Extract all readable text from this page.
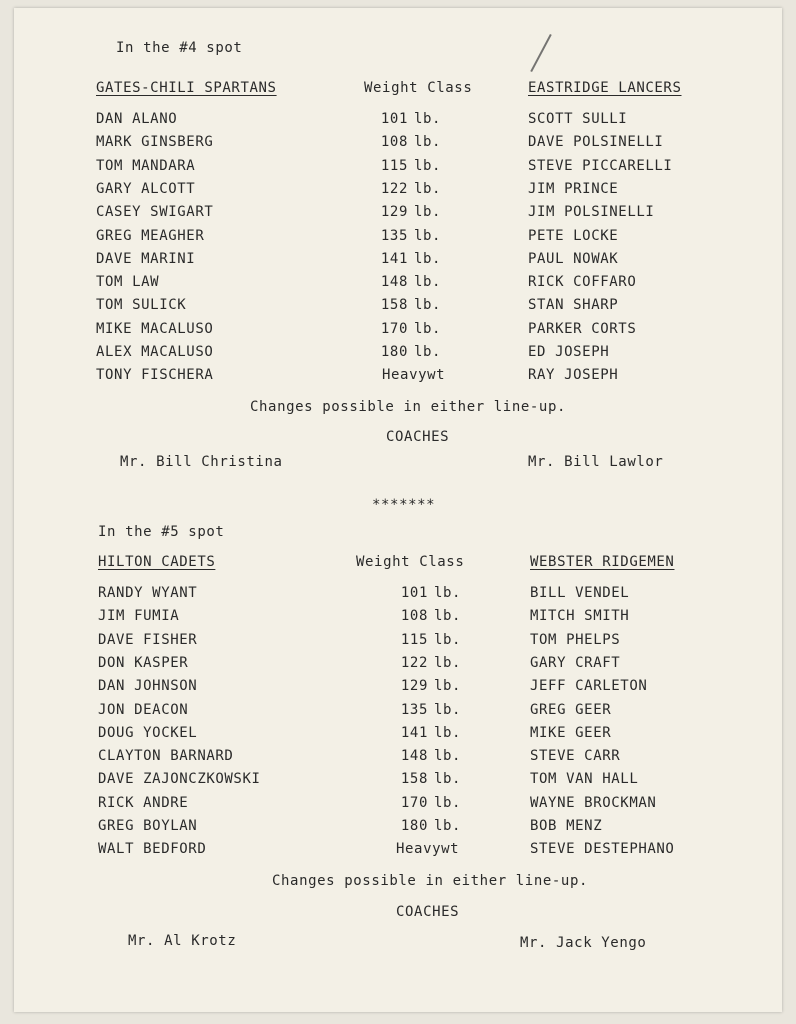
In the #4 spot
GATES-CHILI SPARTANS	Weight Class	EASTRIDGE LANCERS
DAN ALANO	101 lb.	SCOTT SULLI
MARK GINSBERG	108 lb.	DAVE POLSINELLI
TOM MANDARA	115 lb.	STEVE PICCARELLI
GARY ALCOTT	122 lb.	JIM PRINCE
CASEY SWIGART	129 lb.	JIM POLSINELLI
GREG MEAGHER	135 lb.	PETE LOCKE
DAVE MARINI	141 lb.	PAUL NOWAK
TOM LAW	148 lb.	RICK COFFARO
TOM SULICK	158 lb.	STAN SHARP
MIKE MACALUSO	170 lb.	PARKER CORTS
ALEX MACALUSO	180 lb.	ED JOSEPH
TONY FISCHERA	Heavywt	RAY JOSEPH
Changes possible in either line-up.
COACHES
Mr. Bill Christina	Mr. Bill Lawlor
*******
In the #5 spot
HILTON CADETS	Weight Class	WEBSTER RIDGEMEN
RANDY WYANT	101 lb.	BILL VENDEL
JIM FUMIA	108 lb.	MITCH SMITH
DAVE FISHER	115 lb.	TOM PHELPS
DON KASPER	122 lb.	GARY CRAFT
DAN JOHNSON	129 lb.	JEFF CARLETON
JON DEACON	135 lb.	GREG GEER
DOUG YOCKEL	141 lb.	MIKE GEER
CLAYTON BARNARD	148 lb.	STEVE CARR
DAVE ZAJONCZKOWSKI	158 lb.	TOM VAN HALL
RICK ANDRE	170 lb.	WAYNE BROCKMAN
GREG BOYLAN	180 lb.	BOB MENZ
WALT BEDFORD	Heavywt	STEVE DESTEPHANO
Changes possible in either line-up.
COACHES
Mr. Al Krotz	Mr. Jack Yengo
